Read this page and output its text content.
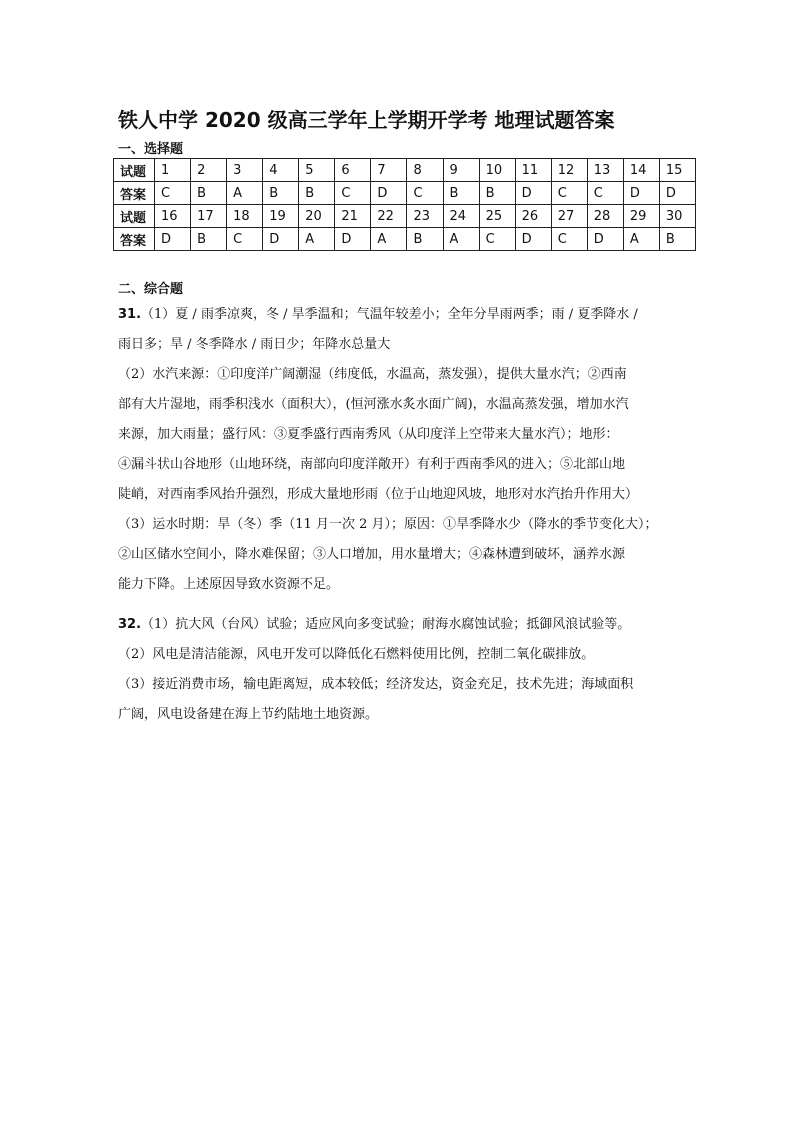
铁人中学 2020 级高三学年上学期开学考 地理试题答案
一、选择题
试题	1	2	3	4	5	6	7	8	9	10	11	12	13	14	15
答案	C	B	A	B	B	C	D	C	B	B	D	C	C	D	D
试题	16	17	18	19	20	21	22	23	24	25	26	27	28	29	30
答案	D	B	C	D	A	D	A	B	A	C	D	C	D	A	B
二、综合题

31.（1）夏 / 雨季凉爽，冬 / 旱季温和；气温年较差小；全年分旱雨两季；雨 / 夏季降水 /

雨日多；旱 / 冬季降水 / 雨日少；年降水总量大

（2）水汽来源：①印度洋广阔潮湿（纬度低，水温高，蒸发强），提供大量水汽；②西南

部有大片湿地，雨季积浅水（面积大），(恒河涨水炙水面广阔)，水温高蒸发强，增加水汽

来源，加大雨量；盛行风：③夏季盛行西南秀风（从印度洋上空带来大量水汽）；地形：

④漏斗状山谷地形（山地环绕，南部向印度洋敞开）有利于西南季风的进入；⑤北部山地

陡峭，对西南季风抬升强烈，形成大量地形雨（位于山地迎风坡，地形对水汽抬升作用大）

（3）运水时期：旱（冬）季（11 月一次 2 月）；原因：①旱季降水少（降水的季节变化大）；

②山区储水空间小，降水难保留；③人口增加，用水量增大；④森林遭到破坏，涵养水源

能力下降。上述原因导致水资源不足。

32.（1）抗大风（台风）试验；适应风向多变试验；耐海水腐蚀试验；抵御风浪试验等。

（2）风电是清洁能源，风电开发可以降低化石燃料使用比例，控制二氧化碳排放。

（3）接近消费市场，输电距离短，成本较低；经济发达，资金充足，技术先进；海域面积

广阔，风电设备建在海上节约陆地土地资源。
